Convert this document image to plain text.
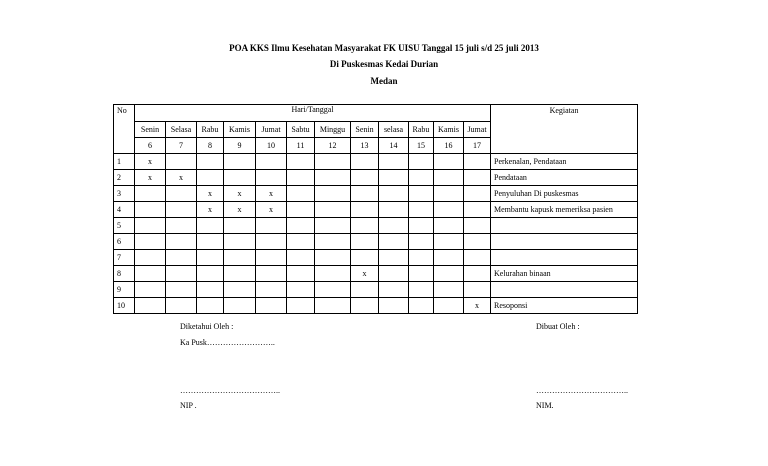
POA KKS Ilmu Kesehatan Masyarakat FK UISU Tanggal 15 juli s/d 25 juli 2013
Di Puskesmas Kedai Durian
Medan
No	Hari/Tanggal												Kegiatan
	Senin	Selasa	Rabu	Kamis	Jumat	Sabtu	Minggu	Senin	selasa	Rabu	Kamis	Jumat	
	6	7	8	9	10	11	12	13	14	15	16	17	
1	x												Perkenalan, Pendataan
2	x	x											Pendataan
3			x	x	x								Penyuluhan Di puskesmas
4			x	x	x								Membantu kapusk memeriksa pasien
5													
6													
7													
8								x					Kelurahan binaan
9													
10												x	Resoponsi
Diketahui Oleh :	Dibuat Oleh :
Ka Pusk……………………..
………………………………..	……………………………..
NIP .	NIM.
